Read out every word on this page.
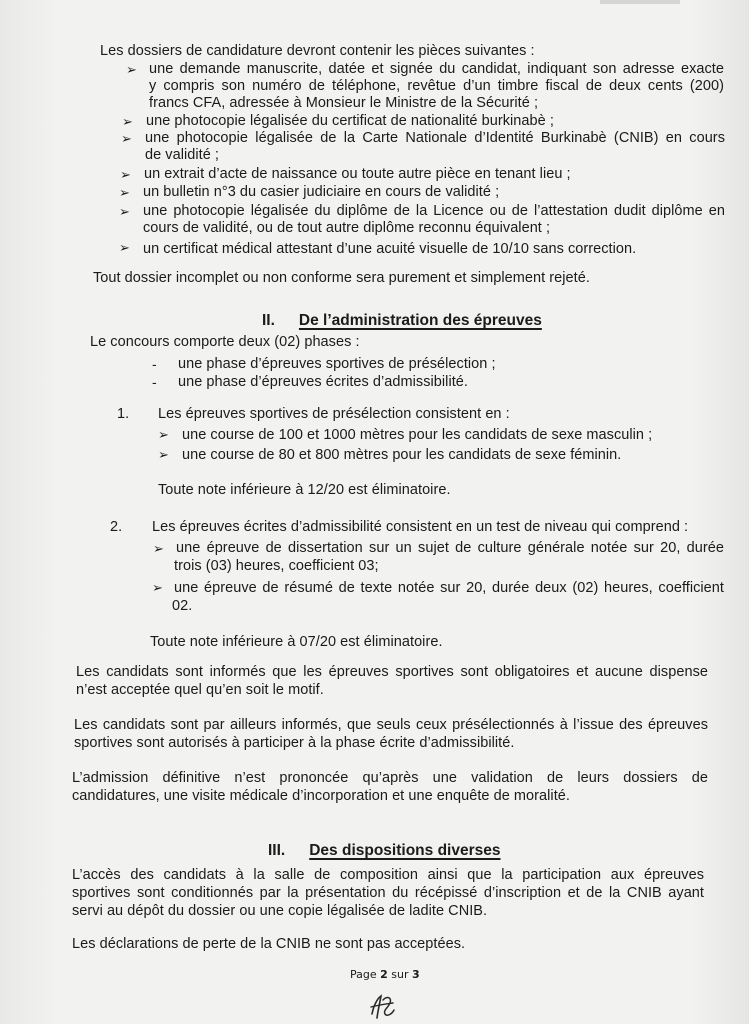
Les dossiers de candidature devront contenir les pièces suivantes :
➢ une demande manuscrite, datée et signée du candidat, indiquant son adresse exacte
y compris son numéro de téléphone, revêtue d’un timbre fiscal de deux cents (200)
francs CFA, adressée à Monsieur le Ministre de la Sécurité ;
➢ une photocopie légalisée du certificat de nationalité burkinabè ;
➢ une photocopie légalisée de la Carte Nationale d’Identité Burkinabè (CNIB) en cours
de validité ;
➢ un extrait d’acte de naissance ou toute autre pièce en tenant lieu ;
➢ un bulletin n°3 du casier judiciaire en cours de validité ;
➢ une photocopie légalisée du diplôme de la Licence ou de l’attestation dudit diplôme en
cours de validité, ou de tout autre diplôme reconnu équivalent ;
➢ un certificat médical attestant d’une acuité visuelle de 10/10 sans correction.
Tout dossier incomplet ou non conforme sera purement et simplement rejeté.
II. De l’administration des épreuves
Le concours comporte deux (02) phases :
- une phase d’épreuves sportives de présélection ;
- une phase d’épreuves écrites d’admissibilité.
1. Les épreuves sportives de présélection consistent en :
➢ une course de 100 et 1000 mètres pour les candidats de sexe masculin ;
➢ une course de 80 et 800 mètres pour les candidats de sexe féminin.
Toute note inférieure à 12/20 est éliminatoire.
2. Les épreuves écrites d’admissibilité consistent en un test de niveau qui comprend :
➢ une épreuve de dissertation sur un sujet de culture générale notée sur 20, durée
trois (03) heures, coefficient 03;
➢ une épreuve de résumé de texte notée sur 20, durée deux (02) heures, coefficient
02.
Toute note inférieure à 07/20 est éliminatoire.
Les candidats sont informés que les épreuves sportives sont obligatoires et aucune dispense
n’est acceptée quel qu’en soit le motif.
Les candidats sont par ailleurs informés, que seuls ceux présélectionnés à l’issue des épreuves
sportives sont autorisés à participer à la phase écrite d’admissibilité.
L’admission définitive n’est prononcée qu’après une validation de leurs dossiers de
candidatures, une visite médicale d’incorporation et une enquête de moralité.
III. Des dispositions diverses
L’accès des candidats à la salle de composition ainsi que la participation aux épreuves
sportives sont conditionnés par la présentation du récépissé d’inscription et de la CNIB ayant
servi au dépôt du dossier ou une copie légalisée de ladite CNIB.
Les déclarations de perte de la CNIB ne sont pas acceptées.
Page 2 sur 3
